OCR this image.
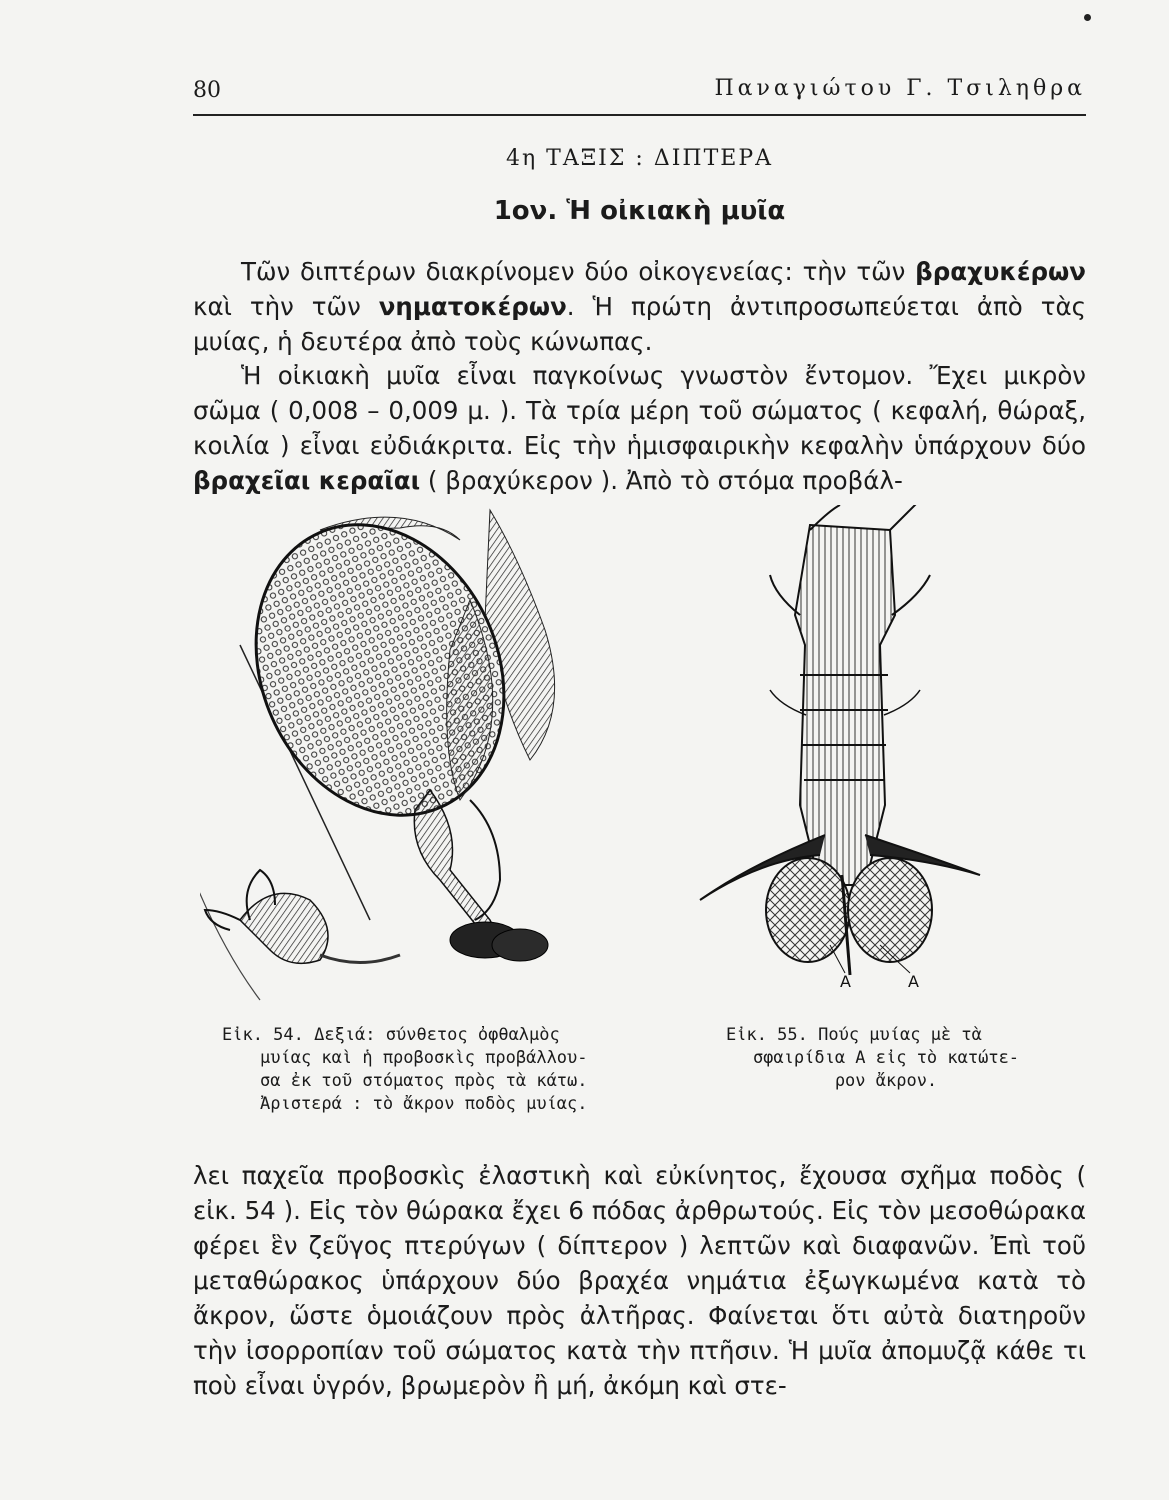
80	Παναγιώτου Γ. Τσιληθρα
4η ΤΑΞΙΣ : ΔΙΠΤΕΡΑ
1ον. Ἡ οἰκιακὴ μυῖα

Τῶν διπτέρων διακρίνομεν δύο οἰκογενείας: τὴν τῶν βραχυκέρων καὶ τὴν τῶν νηματοκέρων. Ἡ πρώτη ἀντιπροσωπεύεται ἀπὸ τὰς μυίας, ἡ δευτέρα ἀπὸ τοὺς κώνωπας.

Ἡ οἰκιακὴ μυῖα εἶναι παγκοίνως γνωστὸν ἔντομον. Ἔχει μικρὸν σῶμα ( 0,008 – 0,009 μ. ). Τὰ τρία μέρη τοῦ σώματος ( κεφαλή, θώραξ, κοιλία ) εἶναι εὐδιάκριτα. Εἰς τὴν ἡμισφαιρικὴν κεφαλὴν ὑπάρχουν δύο βραχεῖαι κεραῖαι ( βραχύκερον ). Ἀπὸ τὸ στόμα προβάλ-

Α	Α
Εἰκ. 54. Δεξιά: σύνθετος ὀφθαλμὸς
μυίας καὶ ἡ προβοσκὶς προβάλλου-
σα ἐκ τοῦ στόματος πρὸς τὰ κάτω.
Ἀριστερά : τὸ ἄκρον ποδὸς μυίας.
Εἰκ. 55. Πούς μυίας μὲ τὰ
σφαιρίδια Α εἰς τὸ κατώτε-
ρον ἄκρον.

λει παχεῖα προβοσκὶς ἐλαστικὴ καὶ εὐκίνητος, ἔχουσα σχῆμα ποδὸς ( εἰκ. 54 ). Εἰς τὸν θώρακα ἔχει 6 πόδας ἀρθρωτούς. Εἰς τὸν μεσοθώρακα φέρει ἓν ζεῦγος πτερύγων ( δίπτερον ) λεπτῶν καὶ διαφανῶν. Ἐπὶ τοῦ μεταθώρακος ὑπάρχουν δύο βραχέα νημάτια ἐξωγκωμένα κατὰ τὸ ἄκρον, ὥστε ὁμοιάζουν πρὸς ἀλτῆρας. Φαίνεται ὅτι αὐτὰ διατηροῦν τὴν ἰσορροπίαν τοῦ σώματος κατὰ τὴν πτῆσιν. Ἡ μυῖα ἀπομυζᾷ κάθε τι ποὺ εἶναι ὑγρόν, βρωμερὸν ἢ μή, ἀκόμη καὶ στε-
